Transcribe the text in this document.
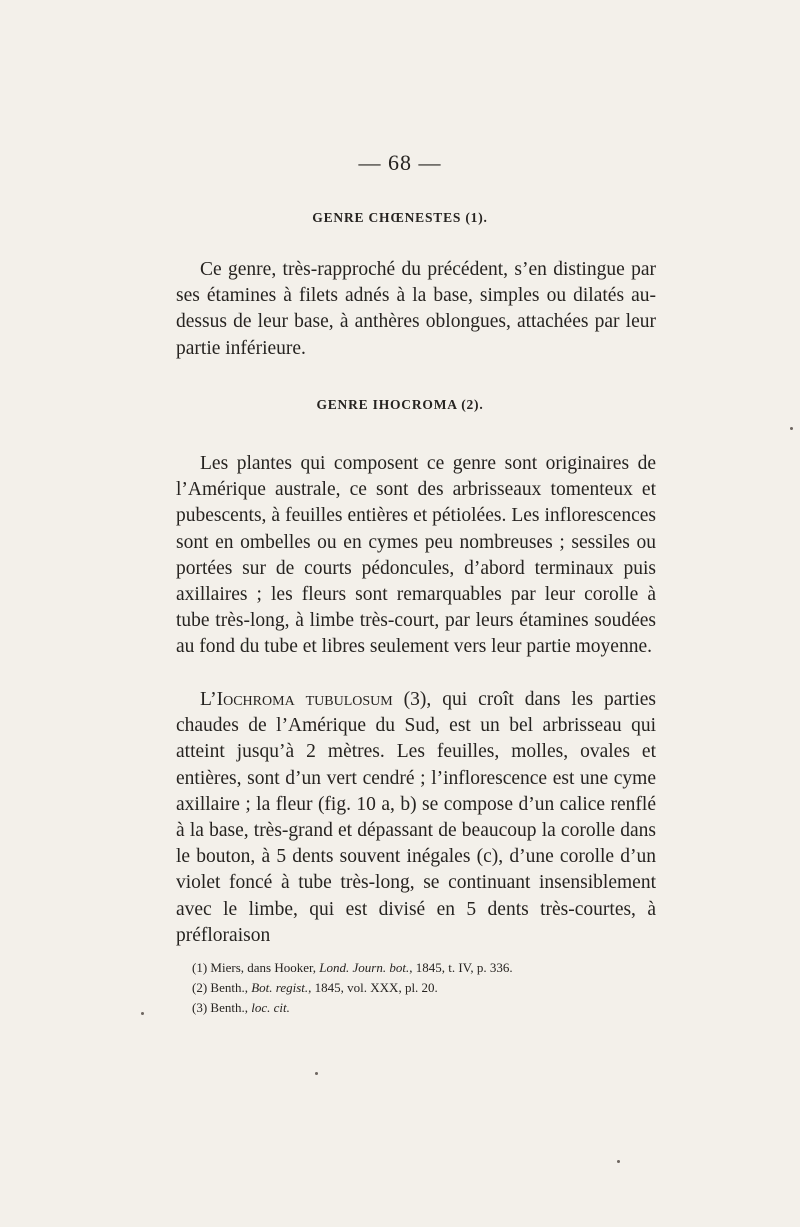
— 68 —
GENRE CHŒNESTES (1).

Ce genre, très-rapproché du précédent, s’en distingue par ses étamines à filets adnés à la base, simples ou dilatés au-dessus de leur base, à anthères oblongues, attachées par leur partie inférieure.

GENRE IHOCROMA (2).

Les plantes qui composent ce genre sont originaires de l’Amérique australe, ce sont des arbrisseaux tomenteux et pubescents, à feuilles entières et pétiolées. Les inflorescences sont en ombelles ou en cymes peu nombreuses ; sessiles ou portées sur de courts pédoncules, d’abord terminaux puis axillaires ; les fleurs sont remarquables par leur corolle à tube très-long, à limbe très-court, par leurs étamines soudées au fond du tube et libres seulement vers leur partie moyenne.

L’Iochroma tubulosum (3), qui croît dans les parties chaudes de l’Amérique du Sud, est un bel arbrisseau qui atteint jusqu’à 2 mètres. Les feuilles, molles, ovales et entières, sont d’un vert cendré ; l’inflorescence est une cyme axillaire ; la fleur (fig. 10 a, b) se compose d’un calice renflé à la base, très-grand et dépassant de beaucoup la corolle dans le bouton, à 5 dents souvent inégales (c), d’une corolle d’un violet foncé à tube très-long, se continuant insensiblement avec le limbe, qui est divisé en 5 dents très-courtes, à préfloraison

(1) Miers, dans Hooker, Lond. Journ. bot., 1845, t. IV, p. 336.
(2) Benth., Bot. regist., 1845, vol. XXX, pl. 20.
(3) Benth., loc. cit.
